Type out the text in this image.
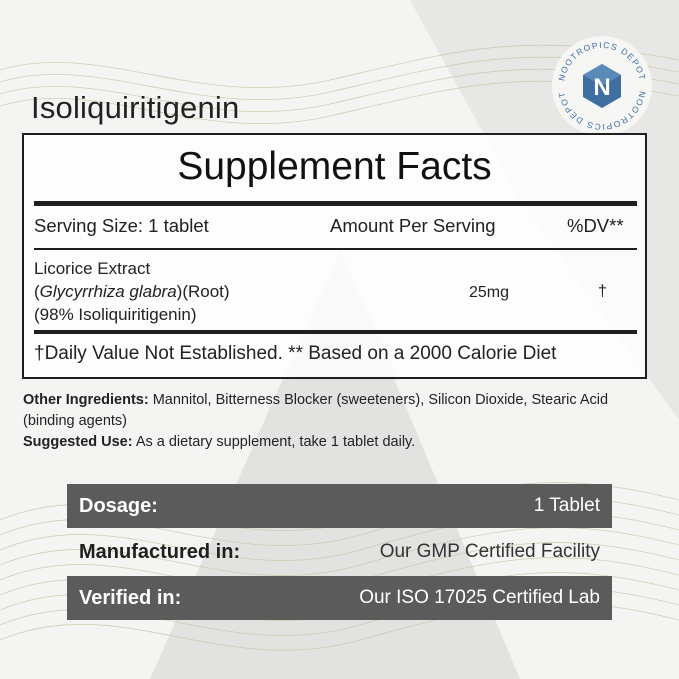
NOOTROPICS DEPOT
NOOTROPICS DEPOT	N
Isoliquiritigenin
Supplement Facts
Serving Size: 1 tablet	Amount Per Serving	%DV**
Licorice Extract
(Glycyrrhiza glabra)(Root)
(98% Isoliquiritigenin)
25mg	†
†Daily Value Not Established. ** Based on a 2000 Calorie Diet

Other Ingredients: Mannitol, Bitterness Blocker (sweeteners), Silicon Dioxide, Stearic Acid (binding agents)

Suggested Use: As a dietary supplement, take 1 tablet daily.

Dosage:	1 Tablet
Manufactured in:	Our GMP Certified Facility
Verified in:	Our ISO 17025 Certified Lab
